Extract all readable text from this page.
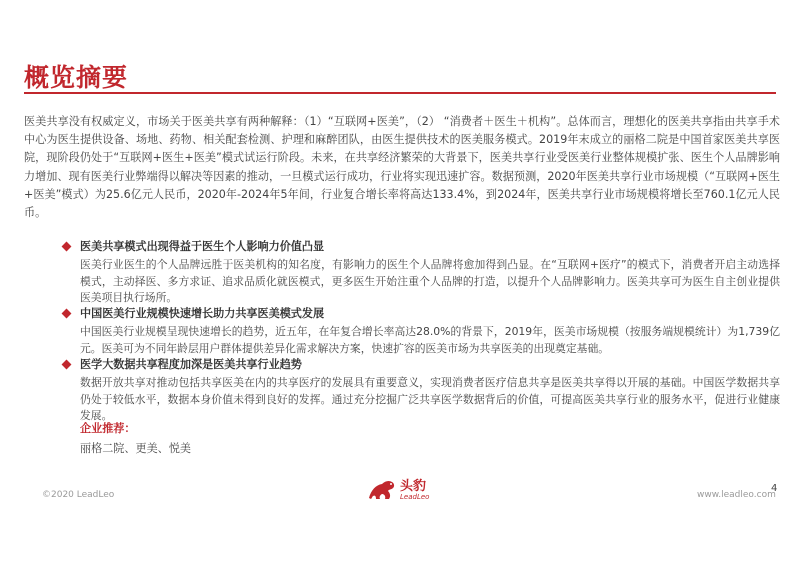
概览摘要
医美共享没有权威定义，市场关于医美共享有两种解释：（1）“互联网+医美”，（2） “消费者＋医生＋机构”。总体而言，理想化的医美共享指由共享手术中心为医生提供设备、场地、药物、相关配套检测、护理和麻醉团队，由医生提供技术的医美服务模式。2019年末成立的丽格二院是中国首家医美共享医院，现阶段仍处于“互联网+医生+医美”模式试运行阶段。未来，在共享经济繁荣的大背景下，医美共享行业受医美行业整体规模扩张、医生个人品牌影响力增加、现有医美行业弊端得以解决等因素的推动，一旦模式运行成功，行业将实现迅速扩容。数据预测，2020年医美共享行业市场规模（“互联网+医生+医美”模式）为25.6亿元人民币，2020年-2024年5年间，行业复合增长率将高达133.4%，到2024年，医美共享行业市场规模将增长至760.1亿元人民币。
医美共享模式出现得益于医生个人影响力价值凸显
医美行业医生的个人品牌远胜于医美机构的知名度，有影响力的医生个人品牌将愈加得到凸显。在“互联网+医疗”的模式下，消费者开启主动选择模式，主动择医、多方求证、追求品质化就医模式，更多医生开始注重个人品牌的打造，以提升个人品牌影响力。医美共享可为医生自主创业提供医美项目执行场所。
中国医美行业规模快速增长助力共享医美模式发展
中国医美行业规模呈现快速增长的趋势，近五年，在年复合增长率高达28.0%的背景下，2019年，医美市场规模（按服务端规模统计）为1,739亿元。医美可为不同年龄层用户群体提供差异化需求解决方案，快速扩容的医美市场为共享医美的出现奠定基础。
医学大数据共享程度加深是医美共享行业趋势
数据开放共享对推动包括共享医美在内的共享医疗的发展具有重要意义，实现消费者医疗信息共享是医美共享得以开展的基础。中国医学数据共享仍处于较低水平，数据本身价值未得到良好的发挥。通过充分挖掘广泛共享医学数据背后的价值，可提高医美共享行业的服务水平，促进行业健康发展。
企业推荐：
丽格二院、更美、悦美
©2020 LeadLeo
头豹
LeadLeo	www.leadleo.com
4
